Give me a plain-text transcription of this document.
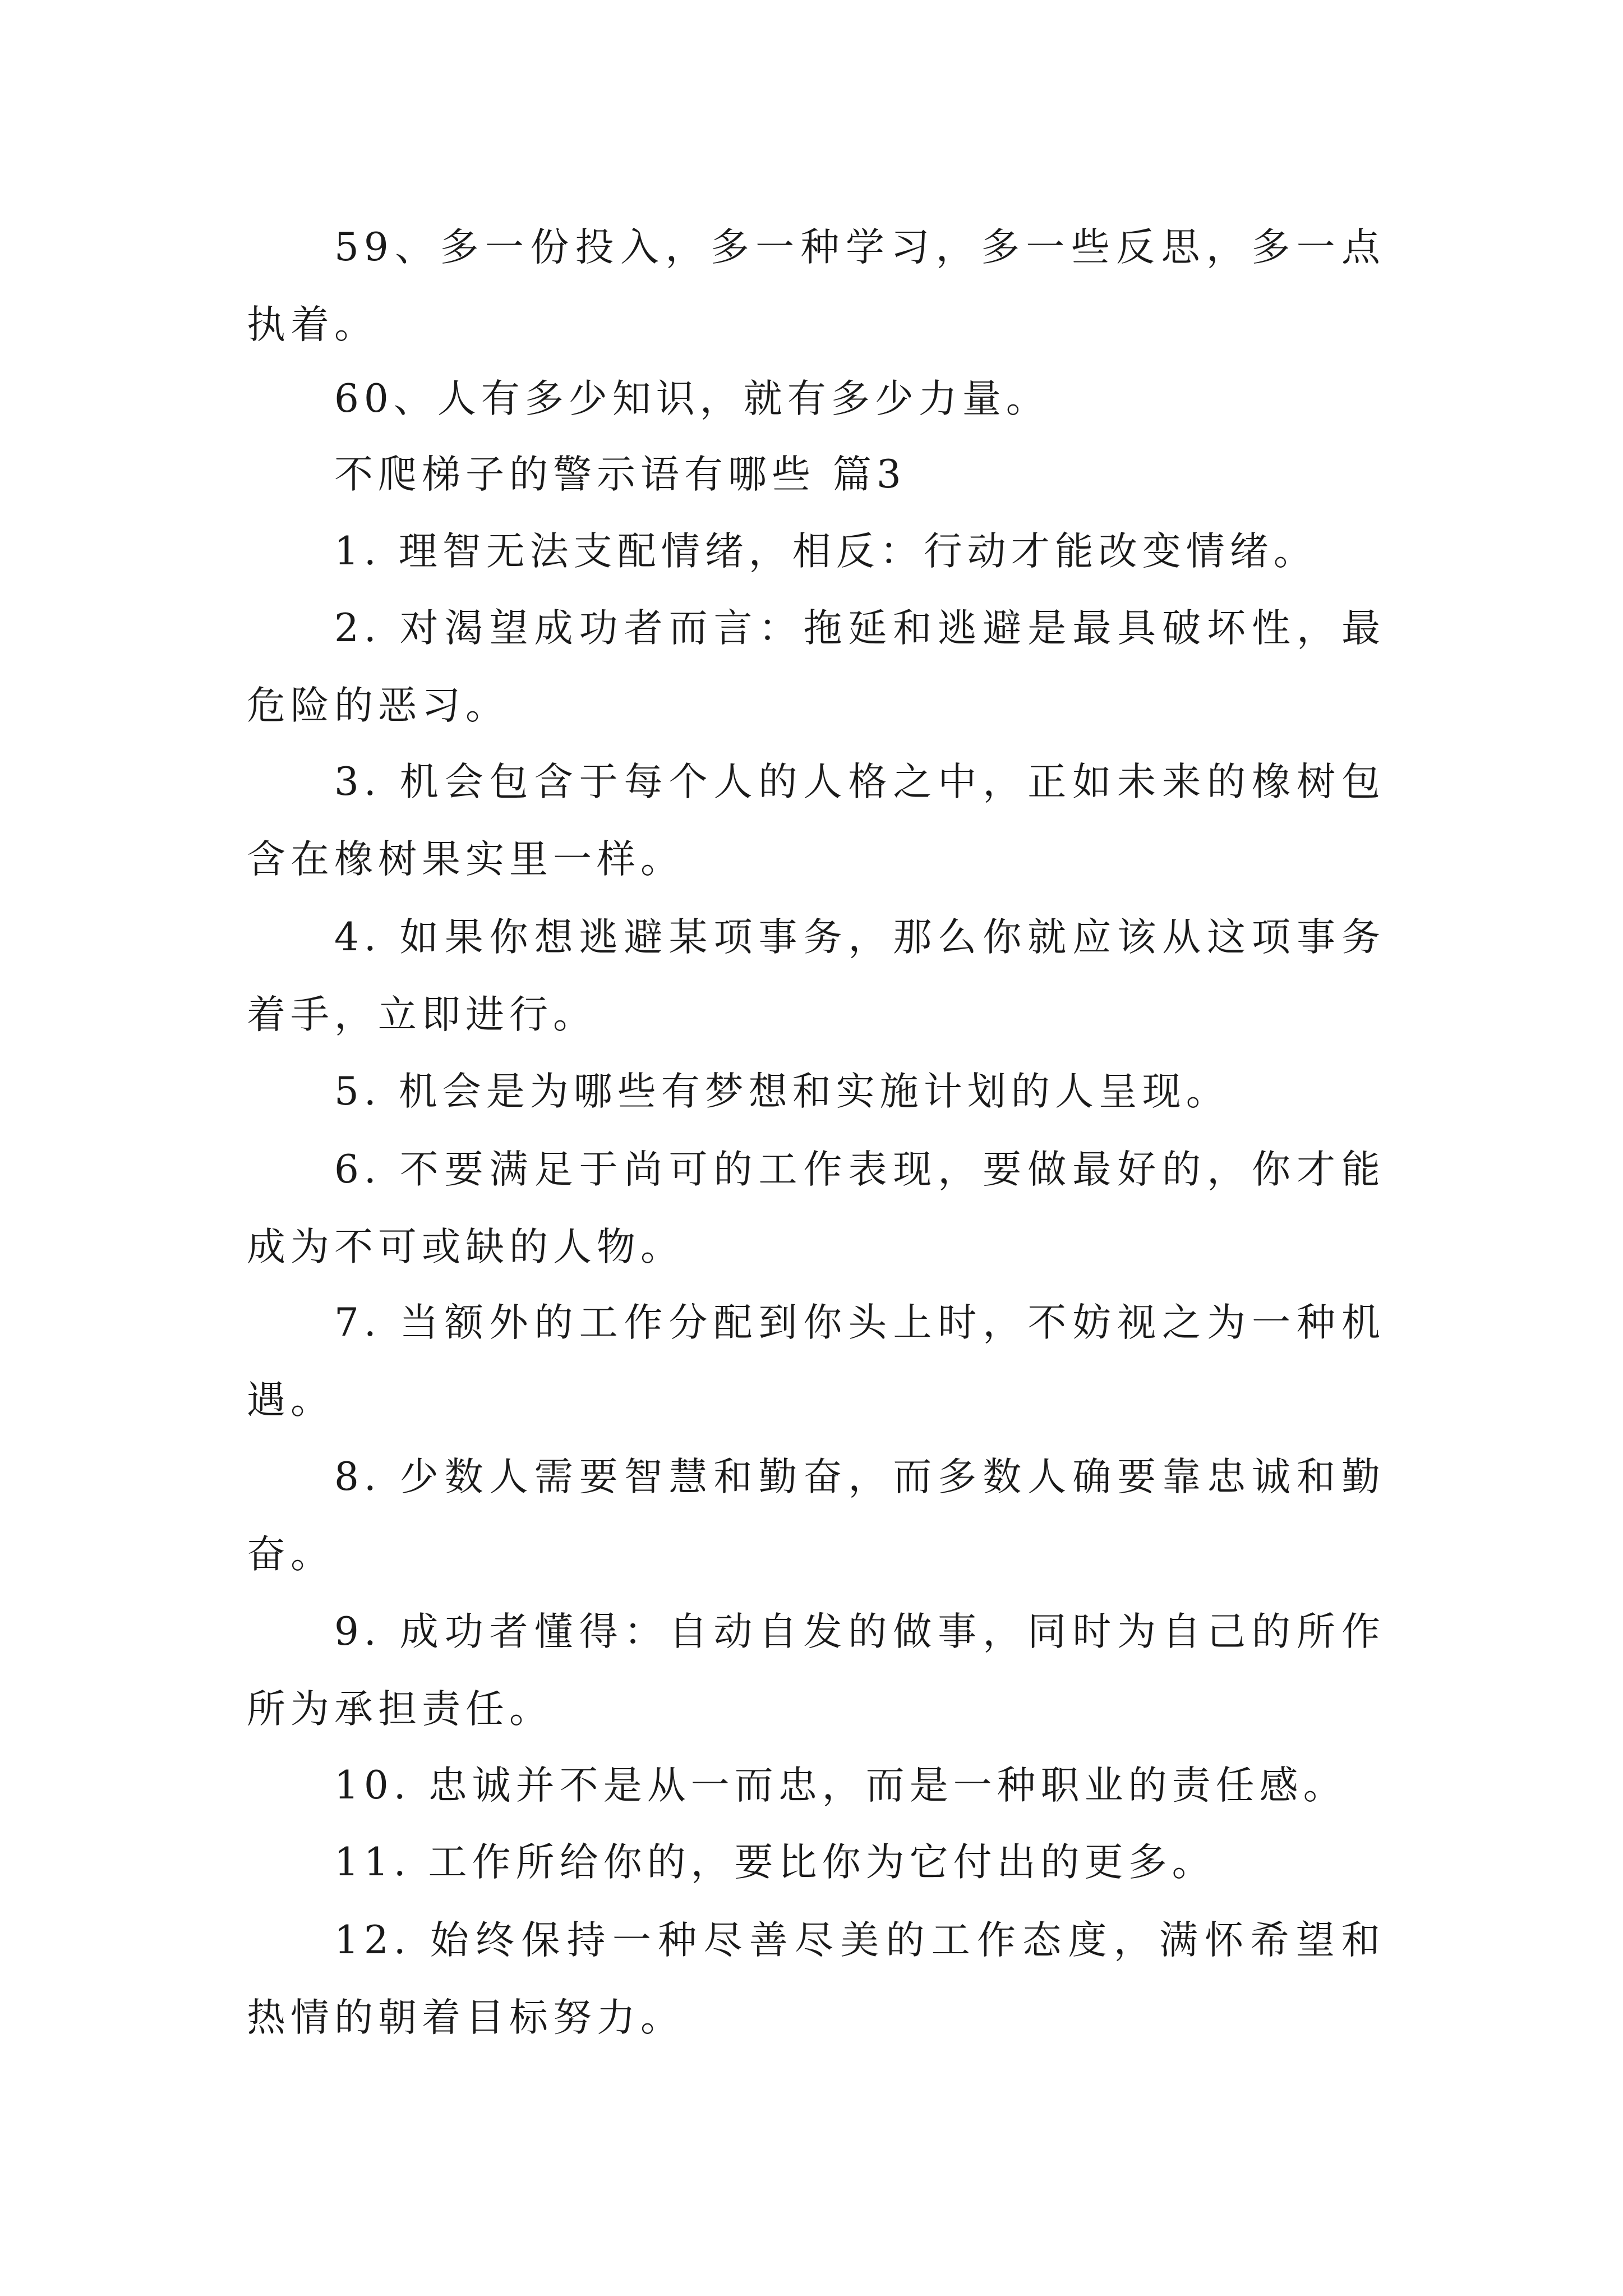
59、多一份投入，多一种学习，多一些反思，多一点执着。

60、人有多少知识，就有多少力量。

不爬梯子的警示语有哪些 篇3

1. 理智无法支配情绪，相反：行动才能改变情绪。

2. 对渴望成功者而言：拖延和逃避是最具破坏性，最危险的恶习。

3. 机会包含于每个人的人格之中，正如未来的橡树包含在橡树果实里一样。

4. 如果你想逃避某项事务，那么你就应该从这项事务着手，立即进行。

5. 机会是为哪些有梦想和实施计划的人呈现。

6. 不要满足于尚可的工作表现，要做最好的，你才能成为不可或缺的人物。

7. 当额外的工作分配到你头上时，不妨视之为一种机遇。

8. 少数人需要智慧和勤奋，而多数人确要靠忠诚和勤奋。

9. 成功者懂得：自动自发的做事，同时为自己的所作所为承担责任。

10. 忠诚并不是从一而忠，而是一种职业的责任感。

11. 工作所给你的，要比你为它付出的更多。

12. 始终保持一种尽善尽美的工作态度，满怀希望和热情的朝着目标努力。
